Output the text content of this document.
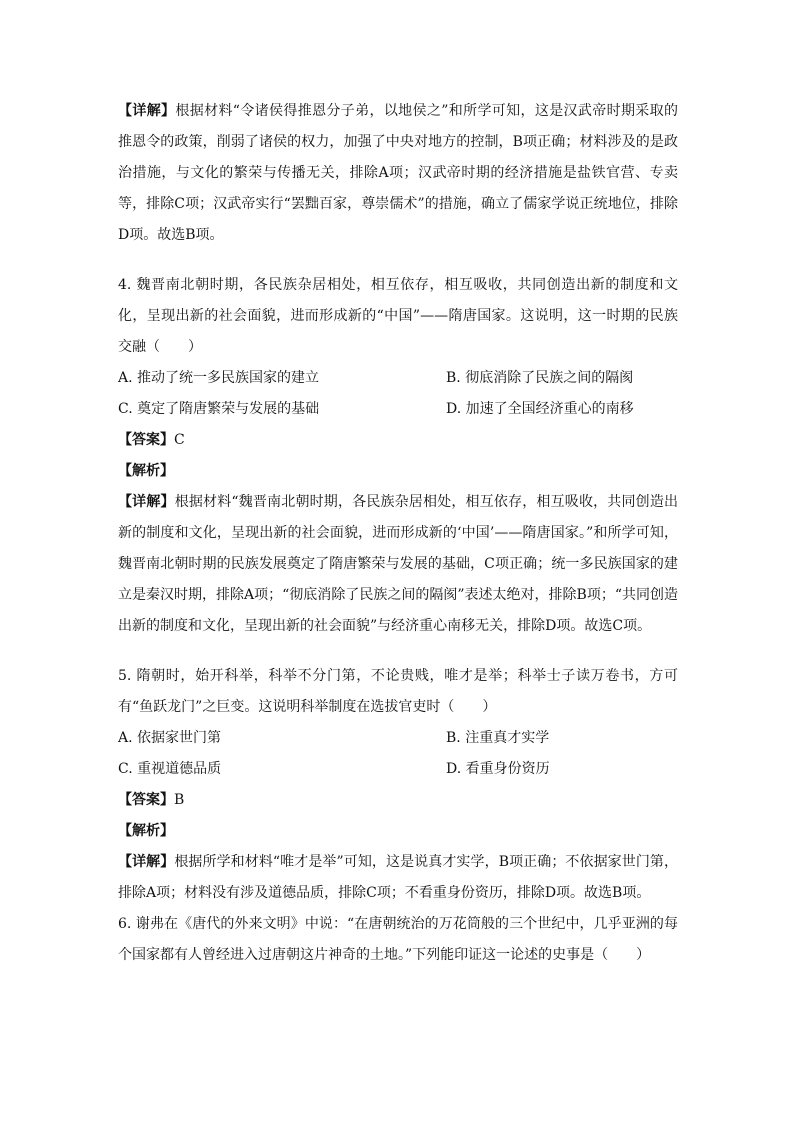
【详解】根据材料“令诸侯得推恩分子弟，以地侯之”和所学可知，这是汉武帝时期采取的推恩令的政策，削弱了诸侯的权力，加强了中央对地方的控制，B项正确；材料涉及的是政治措施，与文化的繁荣与传播无关，排除A项；汉武帝时期的经济措施是盐铁官营、专卖等，排除C项；汉武帝实行“罢黜百家，尊崇儒术”的措施，确立了儒家学说正统地位，排除D项。故选B项。

4. 魏晋南北朝时期，各民族杂居相处，相互依存，相互吸收，共同创造出新的制度和文化，呈现出新的社会面貌，进而形成新的“中国”——隋唐国家。这说明，这一时期的民族交融（　　）

A. 推动了统一多民族国家的建立	B. 彻底消除了民族之间的隔阂
C. 奠定了隋唐繁荣与发展的基础	D. 加速了全国经济重心的南移

【答案】C

【解析】

【详解】根据材料“魏晋南北朝时期，各民族杂居相处，相互依存，相互吸收，共同创造出新的制度和文化，呈现出新的社会面貌，进而形成新的‘中国’——隋唐国家。”和所学可知，魏晋南北朝时期的民族发展奠定了隋唐繁荣与发展的基础，C项正确；统一多民族国家的建立是秦汉时期，排除A项；“彻底消除了民族之间的隔阂”表述太绝对，排除B项；“共同创造出新的制度和文化，呈现出新的社会面貌”与经济重心南移无关，排除D项。故选C项。

5. 隋朝时，始开科举，科举不分门第，不论贵贱，唯才是举；科举士子读万卷书，方可有“鱼跃龙门”之巨变。这说明科举制度在选拔官吏时（　　）

A. 依据家世门第	B. 注重真才实学
C. 重视道德品质	D. 看重身份资历

【答案】B

【解析】

【详解】根据所学和材料“唯才是举”可知，这是说真才实学，B项正确；不依据家世门第，排除A项；材料没有涉及道德品质，排除C项；不看重身份资历，排除D项。故选B项。

6. 谢弗在《唐代的外来文明》中说：“在唐朝统治的万花筒般的三个世纪中，几乎亚洲的每个国家都有人曾经进入过唐朝这片神奇的土地。”下列能印证这一论述的史事是（　　）
